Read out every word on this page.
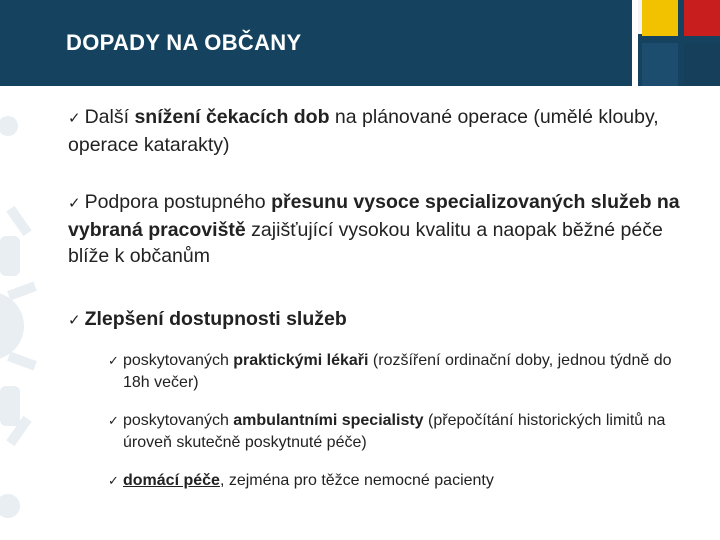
DOPADY NA OBČANY
✓ Další snížení čekacích dob na plánované operace (umělé klouby, operace katarakty)
✓ Podpora postupného přesunu vysoce specializovaných služeb na vybraná pracoviště zajišťující vysokou kvalitu a naopak běžné péče blíže k občanům
✓ Zlepšení dostupnosti služeb
✓ poskytovaných praktickými lékaři (rozšíření ordinační doby, jednou týdně do 18h večer)
✓ poskytovaných ambulantními specialisty (přepočítání historických limitů na úroveň skutečně poskytnuté péče)
✓ domácí péče, zejména pro těžce nemocné pacienty
